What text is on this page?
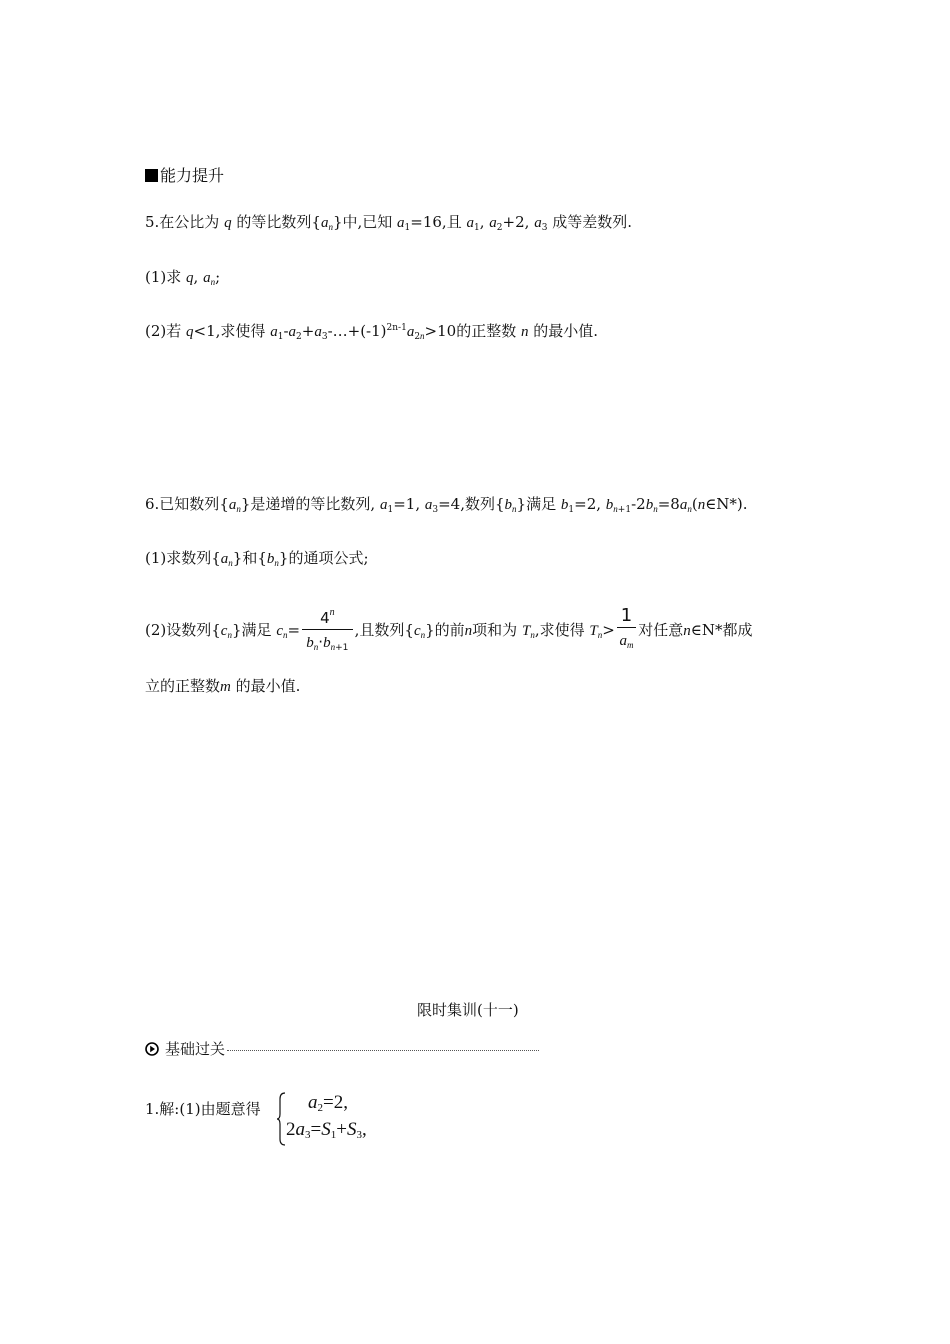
能力提升
5.在公比为 q 的等比数列$\{a_n\}$中,已知 $a_1=16$,且 $a_1$, $a_2+2$, $a_3$ 成等差数列.
(1)求 q, $a_n$;
(2)若 q<1,求使得 $a_1-a_2+a_3-\dots+(-1)^{2n-1}a_{2n}>10$的正整数 n 的最小值.
6.已知数列$\{a_n\}$是递增的等比数列, $a_1=1$, $a_3=4$,数列$\{b_n\}$满足 $b_1=2$, $b_{n+1}-2b_n=8a_n(n\in N*)$.
(1)求数列$\{a_n\}$和$\{b_n\}$的通项公式;
(2)设数列$\{c_n\}$满足 $c_n= \frac{4^n}{b_n\cdot b_{n+1}}$ ,且数列$\{c_n\}$的前n项和为 $T_n$,求使得 $T_n> \frac{1}{a_m}$ 对任意n∈N*都成
立的正整数m 的最小值.
限时集训(十一)
基础过关
1.解:(1)由题意得 $a_2=2$,
$2a_3=S_1+S_3$,
